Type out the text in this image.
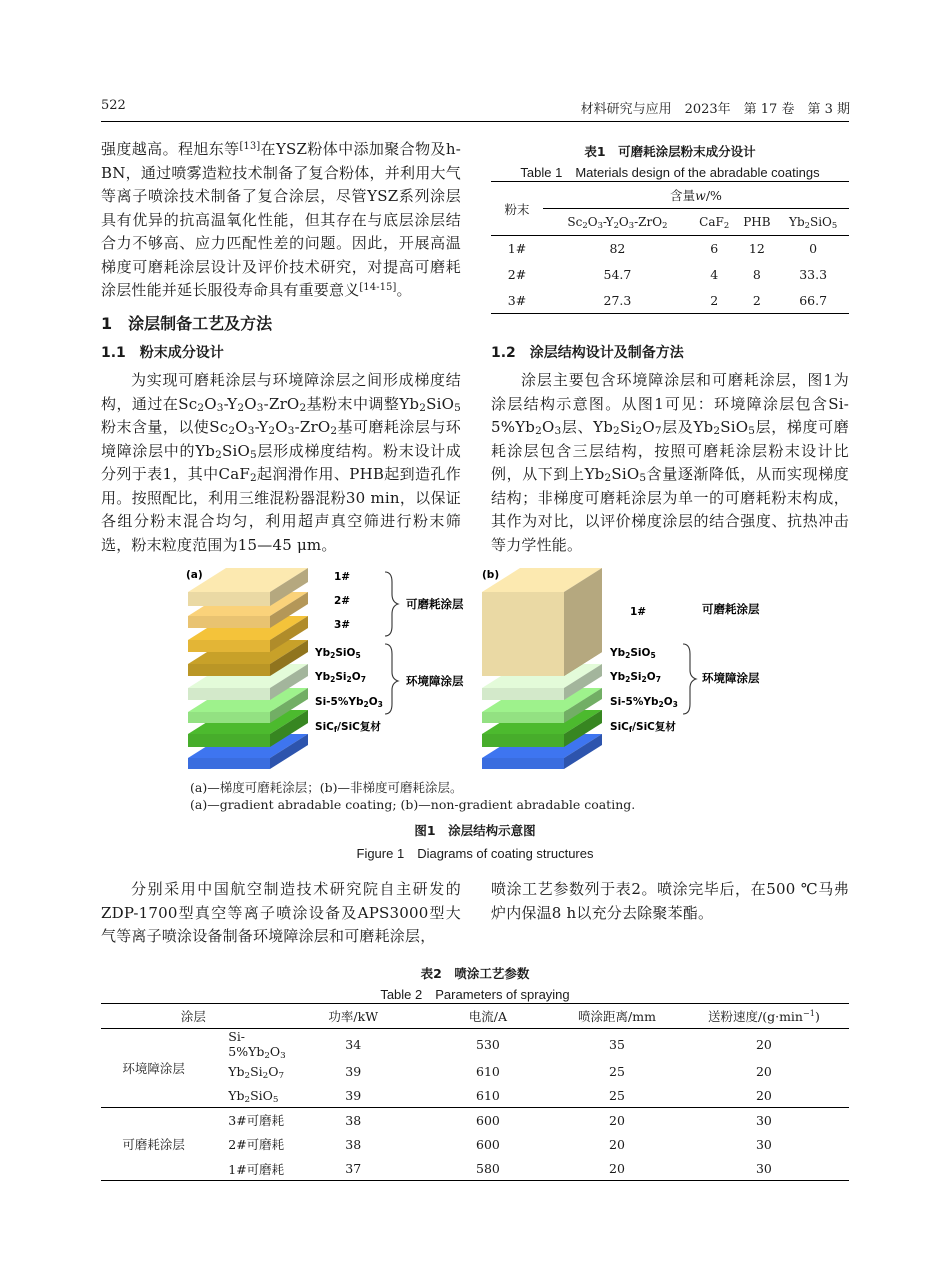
522	材料研究与应用　2023年　第 17 卷　第 3 期

强度越高。程旭东等[13]在YSZ粉体中添加聚合物及h-BN，通过喷雾造粒技术制备了复合粉体，并利用大气等离子喷涂技术制备了复合涂层，尽管YSZ系列涂层具有优异的抗高温氧化性能，但其存在与底层涂层结合力不够高、应力匹配性差的问题。因此，开展高温梯度可磨耗涂层设计及评价技术研究，对提高可磨耗涂层性能并延长服役寿命具有重要意义[14-15]。

1　涂层制备工艺及方法
1.1　粉末成分设计

为实现可磨耗涂层与环境障涂层之间形成梯度结构，通过在$Sc_2O_3-Y_2O_3-ZrO_2$基粉末中调整$Yb_2SiO_5$粉末含量，以使$Sc_2O_3-Y_2O_3-ZrO_2$基可磨耗涂层与环境障涂层中的$Yb_2SiO_5$层形成梯度结构。粉末设计成分列于表1，其中CaF$_2$起润滑作用、PHB起到造孔作用。按照配比，利用三维混粉器混粉30 min，以保证各组分粉末混合均匀，利用超声真空筛进行粉末筛选，粉末粒度范围为15—45 μm。

表1　可磨耗涂层粉末成分设计
Table 1　Materials design of the abradable coatings
粉末	含量w/%			
	$Sc_2O_3-Y_2O_3-ZrO_2$	CaF$_2$	PHB	$Yb_2SiO_5$
1#	82	6	12	0
2#	54.7	4	8	33.3
3#	27.3	2	2	66.7
1.2　涂层结构设计及制备方法

涂层主要包含环境障涂层和可磨耗涂层，图1为涂层结构示意图。从图1可见：环境障涂层包含$Si-5\%Yb_2O_3$层、$Yb_2Si_2O_7$层及$Yb_2SiO_5$层，梯度可磨耗涂层包含三层结构，按照可磨耗涂层粉末设计比例，从下到上$Yb_2SiO_5$含量逐渐降低，从而实现梯度结构；非梯度可磨耗涂层为单一的可磨耗粉末构成，其作为对比，以评价梯度涂层的结合强度、抗热冲击等力学性能。

(a)	(b)
1#
2#
3#
可磨耗涂层
Yb2SiO5
Yb2Si2O7
Si-5%Yb2O3
环境障涂层
SiCf/SiC复材
1#	可磨耗涂层
Yb2SiO5
Yb2Si2O7
Si-5%Yb2O3
环境障涂层
SiCf/SiC复材
(a)—梯度可磨耗涂层；(b)—非梯度可磨耗涂层。
(a)—gradient abradable coating; (b)—non-gradient abradable coating.
图1　涂层结构示意图
Figure 1　Diagrams of coating structures

分别采用中国航空制造技术研究院自主研发的ZDP-1700型真空等离子喷涂设备及APS3000型大气等离子喷涂设备制备环境障涂层和可磨耗涂层，

喷涂工艺参数列于表2。喷涂完毕后，在500 ℃马弗炉内保温8 h以充分去除聚苯酯。

表2　喷涂工艺参数
Table 2　Parameters of spraying
涂层		功率/kW	电流/A	喷涂距离/mm	送粉速度$/(g\cdot\min^{-1})$
环境障涂层	$Si-5\%Yb_2O_3$	34	530	35	20
	$Yb_2Si_2O_7$	39	610	25	20
	$Yb_2SiO_5$	39	610	25	20
可磨耗涂层	3#可磨耗	38	600	20	30
	2#可磨耗	38	600	20	30
	1#可磨耗	37	580	20	30
